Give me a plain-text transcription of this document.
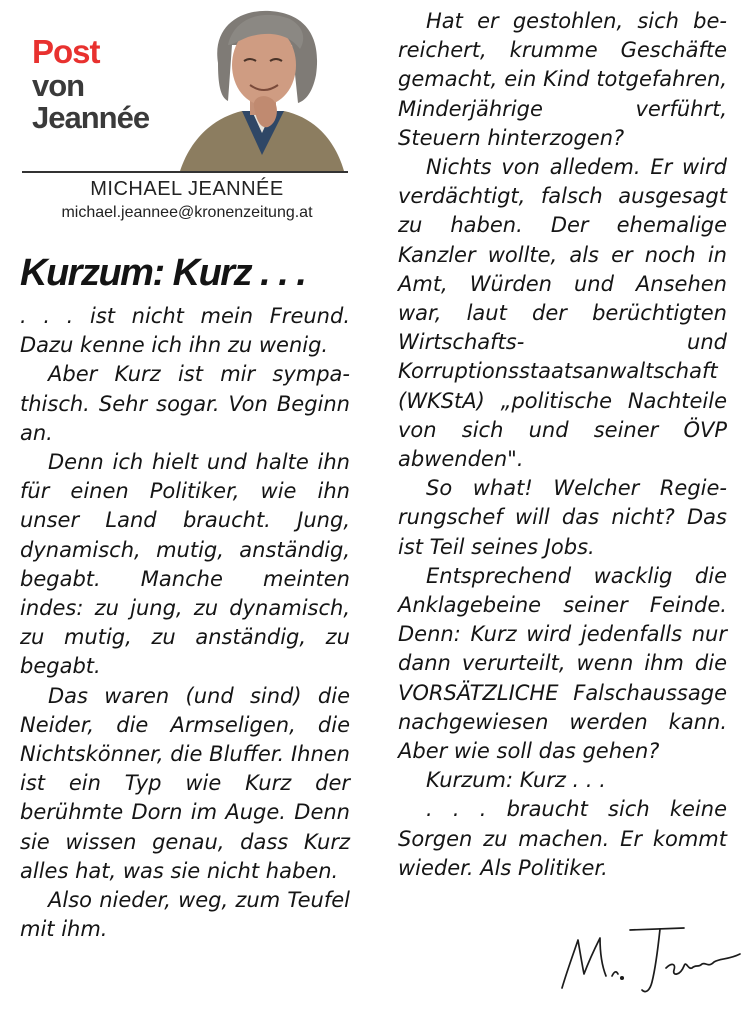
Post
von
Jeannée
MICHAEL JEANNÉE
michael.jeannee@kronenzeitung.at
Kurzum: Kurz . . .

. . . ist nicht mein Freund. Dazu kenne ich ihn zu wenig.

Aber Kurz ist mir sympathisch. Sehr sogar. Von Beginn an.

Denn ich hielt und halte ihn für einen Politiker, wie ihn unser Land braucht. Jung, dynamisch, mutig, anständig, begabt. Manche meinten indes: zu jung, zu dynamisch, zu mutig, zu anständig, zu begabt.

Das waren (und sind) die Neider, die Armseligen, die Nichtskönner, die Bluffer. Ihnen ist ein Typ wie Kurz der berühmte Dorn im Auge. Denn sie wissen genau, dass Kurz alles hat, was sie nicht haben.

Also nieder, weg, zum Teufel mit ihm.

Hat er gestohlen, sich bereichert, krumme Geschäfte gemacht, ein Kind totgefahren, Minderjährige verführt, Steuern hinterzogen?

Nichts von alledem. Er wird verdächtigt, falsch ausgesagt zu haben. Der ehemalige Kanzler wollte, als er noch in Amt, Würden und Ansehen war, laut der berüchtigten Wirtschafts- und Korruptionsstaatsanwaltschaft (WKStA) „politische Nachteile von sich und seiner ÖVP abwenden".

So what! Welcher Regierungschef will das nicht? Das ist Teil seines Jobs.

Entsprechend wacklig die Anklagebeine seiner Feinde. Denn: Kurz wird jedenfalls nur dann verurteilt, wenn ihm die VORSÄTZLICHE Falschaussage nachgewiesen werden kann. Aber wie soll das gehen?

Kurzum: Kurz . . .

. . . braucht sich keine Sorgen zu machen. Er kommt wieder. Als Politiker.
